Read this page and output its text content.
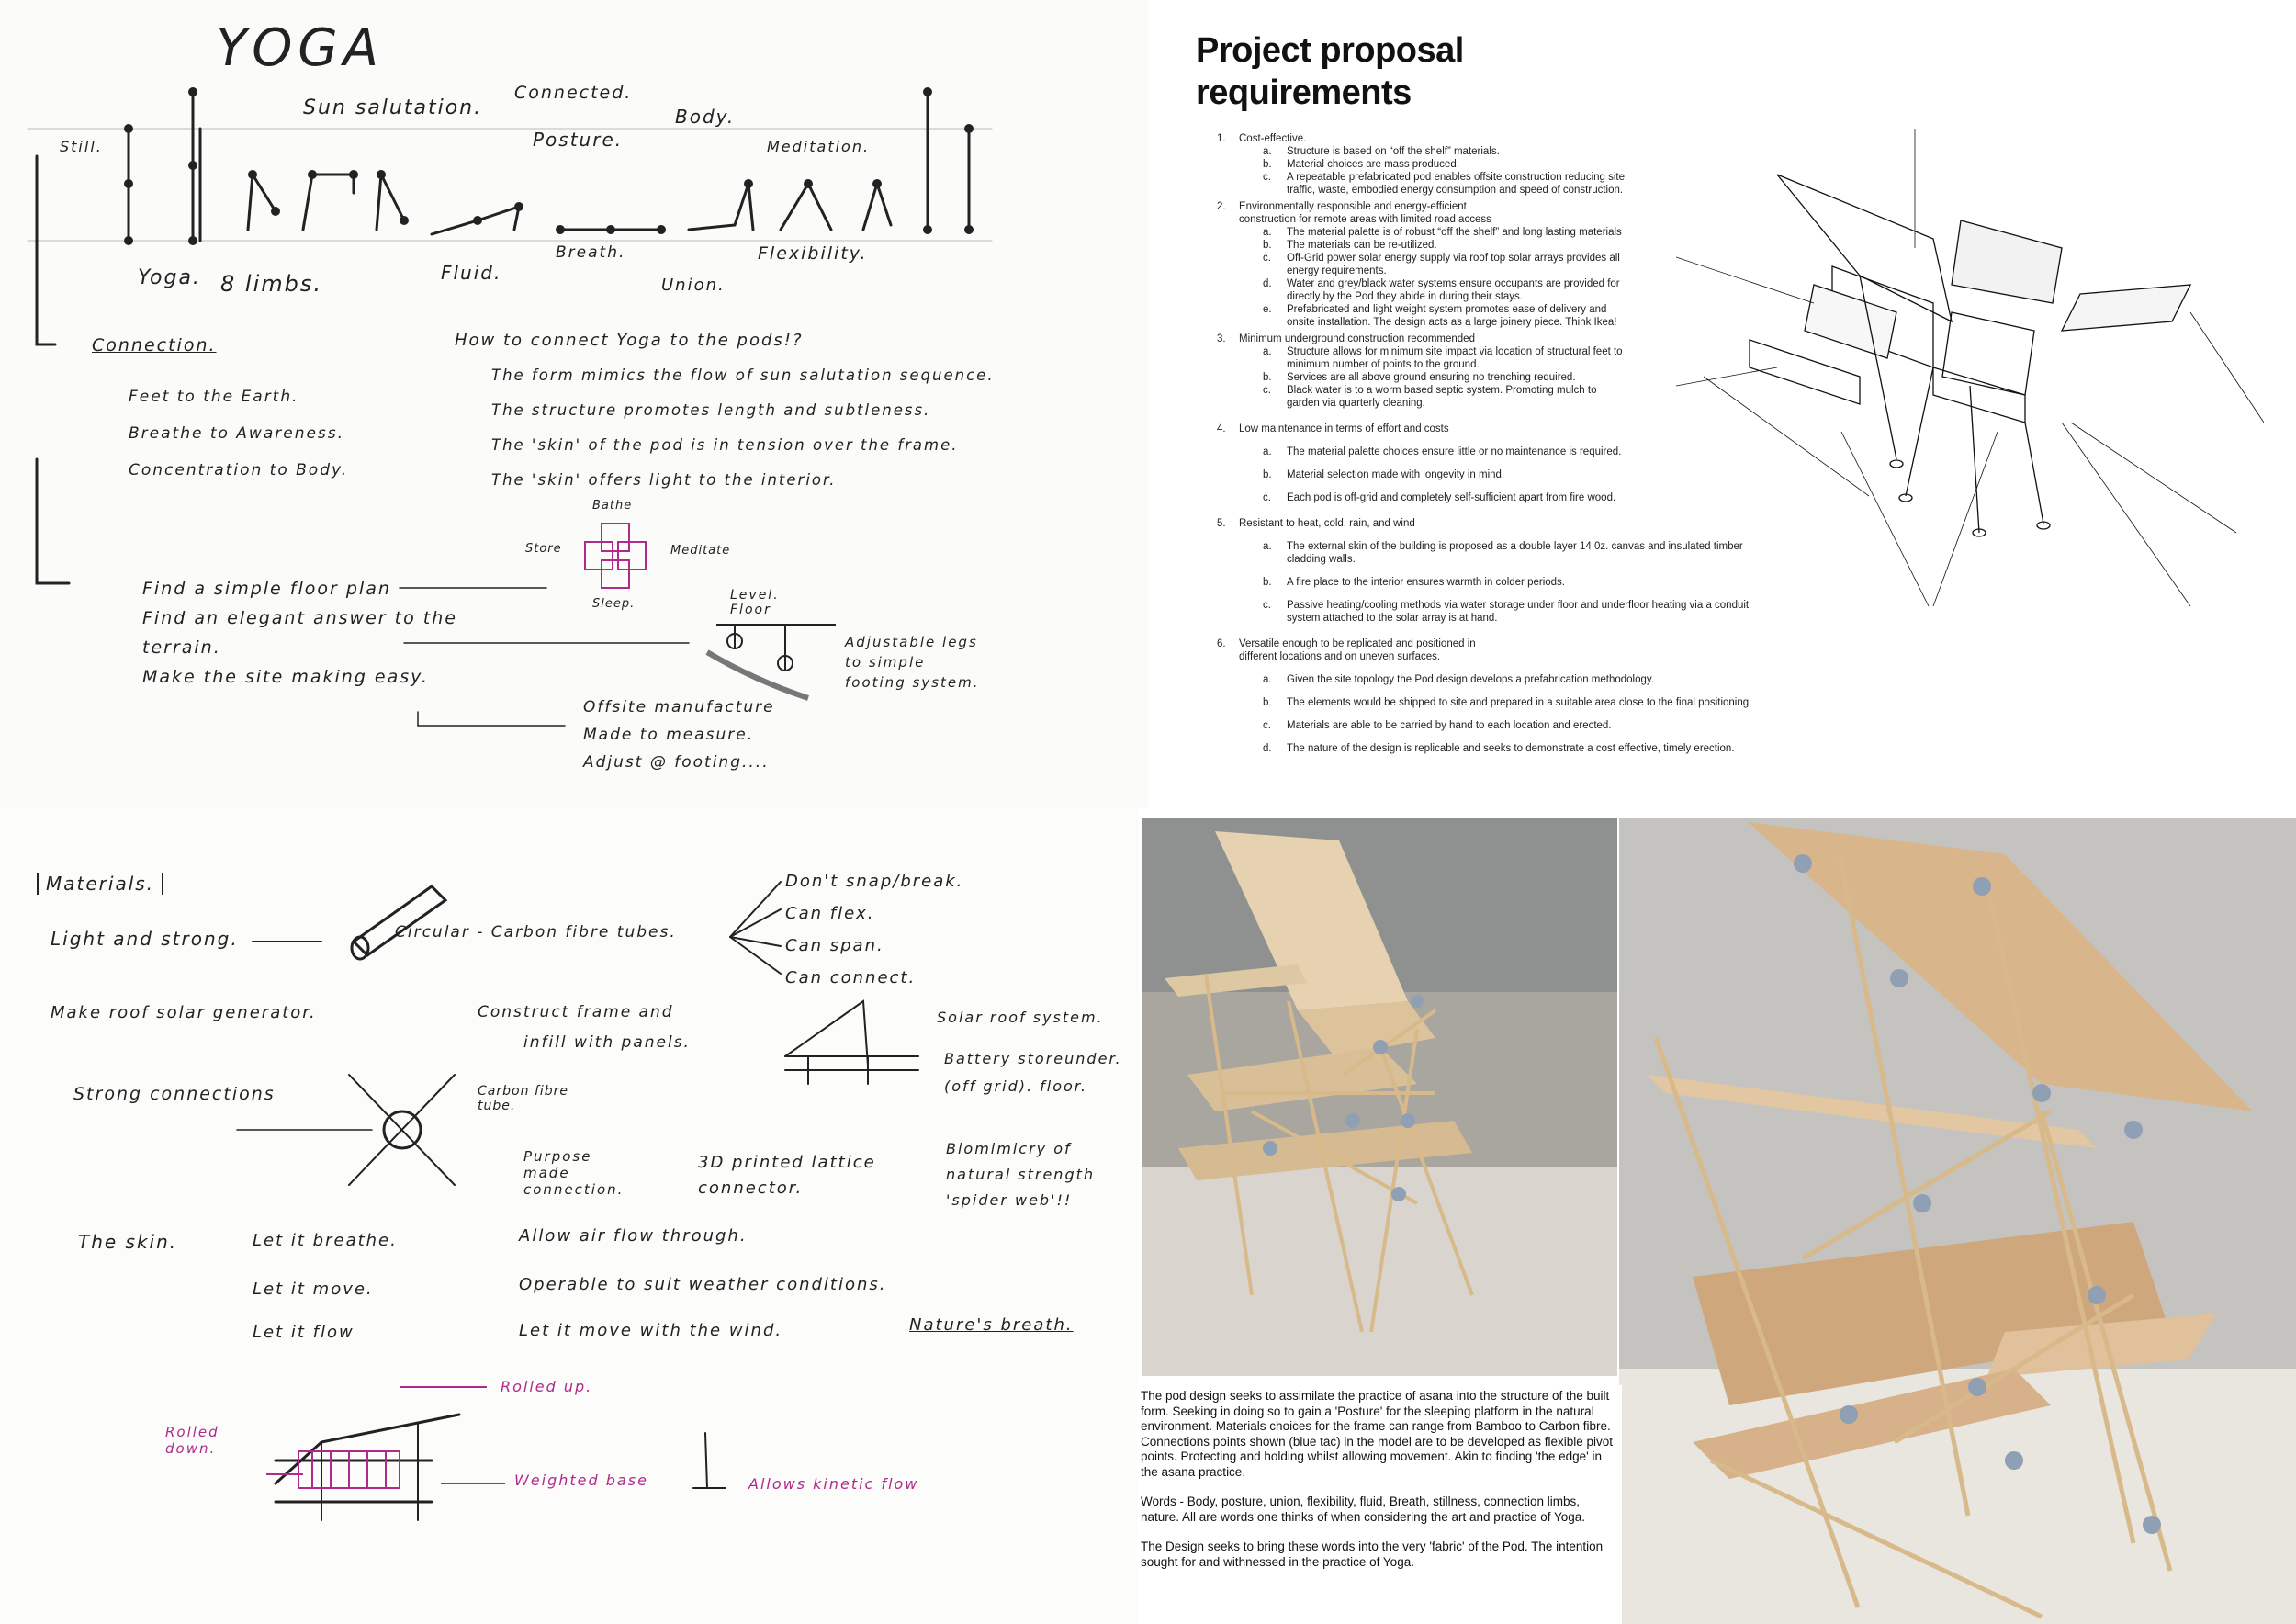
YOGA
Still.
Sun salutation.
Connected.
Posture.
Body.
Meditation.
Yoga. 8 limbs.	Fluid.
Breath.
Union.
Flexibility.
Connection.
Feet to the Earth.
Breathe to Awareness.
Concentration to Body.
How to connect Yoga to the pods!?
The form mimics the flow of sun salutation sequence.
The structure promotes length and subtleness.
The 'skin' of the pod is in tension over the frame.
The 'skin' offers light to the interior.
Bathe
Store	Meditate
Sleep.
Find a simple floor plan
Find an elegant answer to the terrain.
Make the site making easy.
Level. Floor
Adjustable legs to simple footing system.
Offsite manufacture
Made to measure.
Adjust @ footing....
Project proposal
requirements
1.	Cost-effective.
a.	Structure is based on “off the shelf” materials.
b.	Material choices are mass produced.
c.	A repeatable prefabricated pod enables offsite construction reducing site traffic, waste, embodied energy consumption and speed of construction.
2.	Environmentally responsible and energy-efficient construction for remote areas with limited road access
a.	The material palette is of robust “off the shelf” and long lasting materials
b.	The materials can be re-utilized.
c.	Off-Grid power solar energy supply via roof top solar arrays provides all energy requirements.
d.	Water and grey/black water systems ensure occupants are provided for directly by the Pod they abide in during their stays.
e.	Prefabricated and light weight system promotes ease of delivery and onsite installation. The design acts as a large joinery piece. Think Ikea!
3.	Minimum underground construction recommended
a.	Structure allows for minimum site impact via location of structural feet to minimum number of points to the ground.
b.	Services are all above ground ensuring no trenching required.
c.	Black water is to a worm based septic system. Promoting mulch to garden via quarterly cleaning.
4.	Low maintenance in terms of effort and costs
a.	The material palette choices ensure little or no maintenance is required.
b.	Material selection made with longevity in mind.
c.	Each pod is off-grid and completely self-sufficient apart from fire wood.
5.	Resistant to heat, cold, rain, and wind
a.	The external skin of the building is proposed as a double layer 14 0z. canvas and insulated timber cladding walls.
b.	A fire place to the interior ensures warmth in colder periods.
c.	Passive heating/cooling methods via water storage under floor and underfloor heating via a conduit system attached to the solar array is at hand.
6.	Versatile enough to be replicated and positioned in different locations and on uneven surfaces.
a.	Given the site topology the Pod design develops a prefabrication methodology.
b.	The elements would be shipped to site and prepared in a suitable area close to the final positioning.
c.	Materials are able to be carried by hand to each location and erected.
d.	The nature of the design is replicable and seeks to demonstrate a cost effective, timely erection.
Materials.
Light and strong.	Circular - Carbon fibre tubes.
Don't snap/break.
Can flex.
Can span.
Can connect.
Make roof solar generator.	Construct frame and
infill with panels.
Solar roof system.
Battery storeunder. (off grid). floor.
Strong connections	Carbon fibre tube.
Purpose made connection.
3D printed lattice connector.
Biomimicry of natural strength 'spider web'!!
The skin.	Let it breathe.	Allow air flow through.
Let it move.	Operable to suit weather conditions.
Let it flow	Let it move with the wind.	Nature's breath.
Rolled up.
Rolled down.
Weighted base	Allows kinetic flow

The pod design seeks to assimilate the practice of asana into the structure of the built form. Seeking in doing so to gain a 'Posture' for the sleeping platform in the natural environment. Materials choices for the frame can range from Bamboo to Carbon fibre. Connections points shown (blue tac) in the model are to be developed as flexible pivot points. Protecting and holding whilst allowing movement. Akin to finding 'the edge' in the asana practice.

Words - Body, posture, union, flexibility, fluid, Breath, stillness, connection limbs, nature. All are words one thinks of when considering the art and practice of Yoga.

The Design seeks to bring these words into the very 'fabric' of the Pod. The intention sought for and withnessed in the practice of Yoga.
